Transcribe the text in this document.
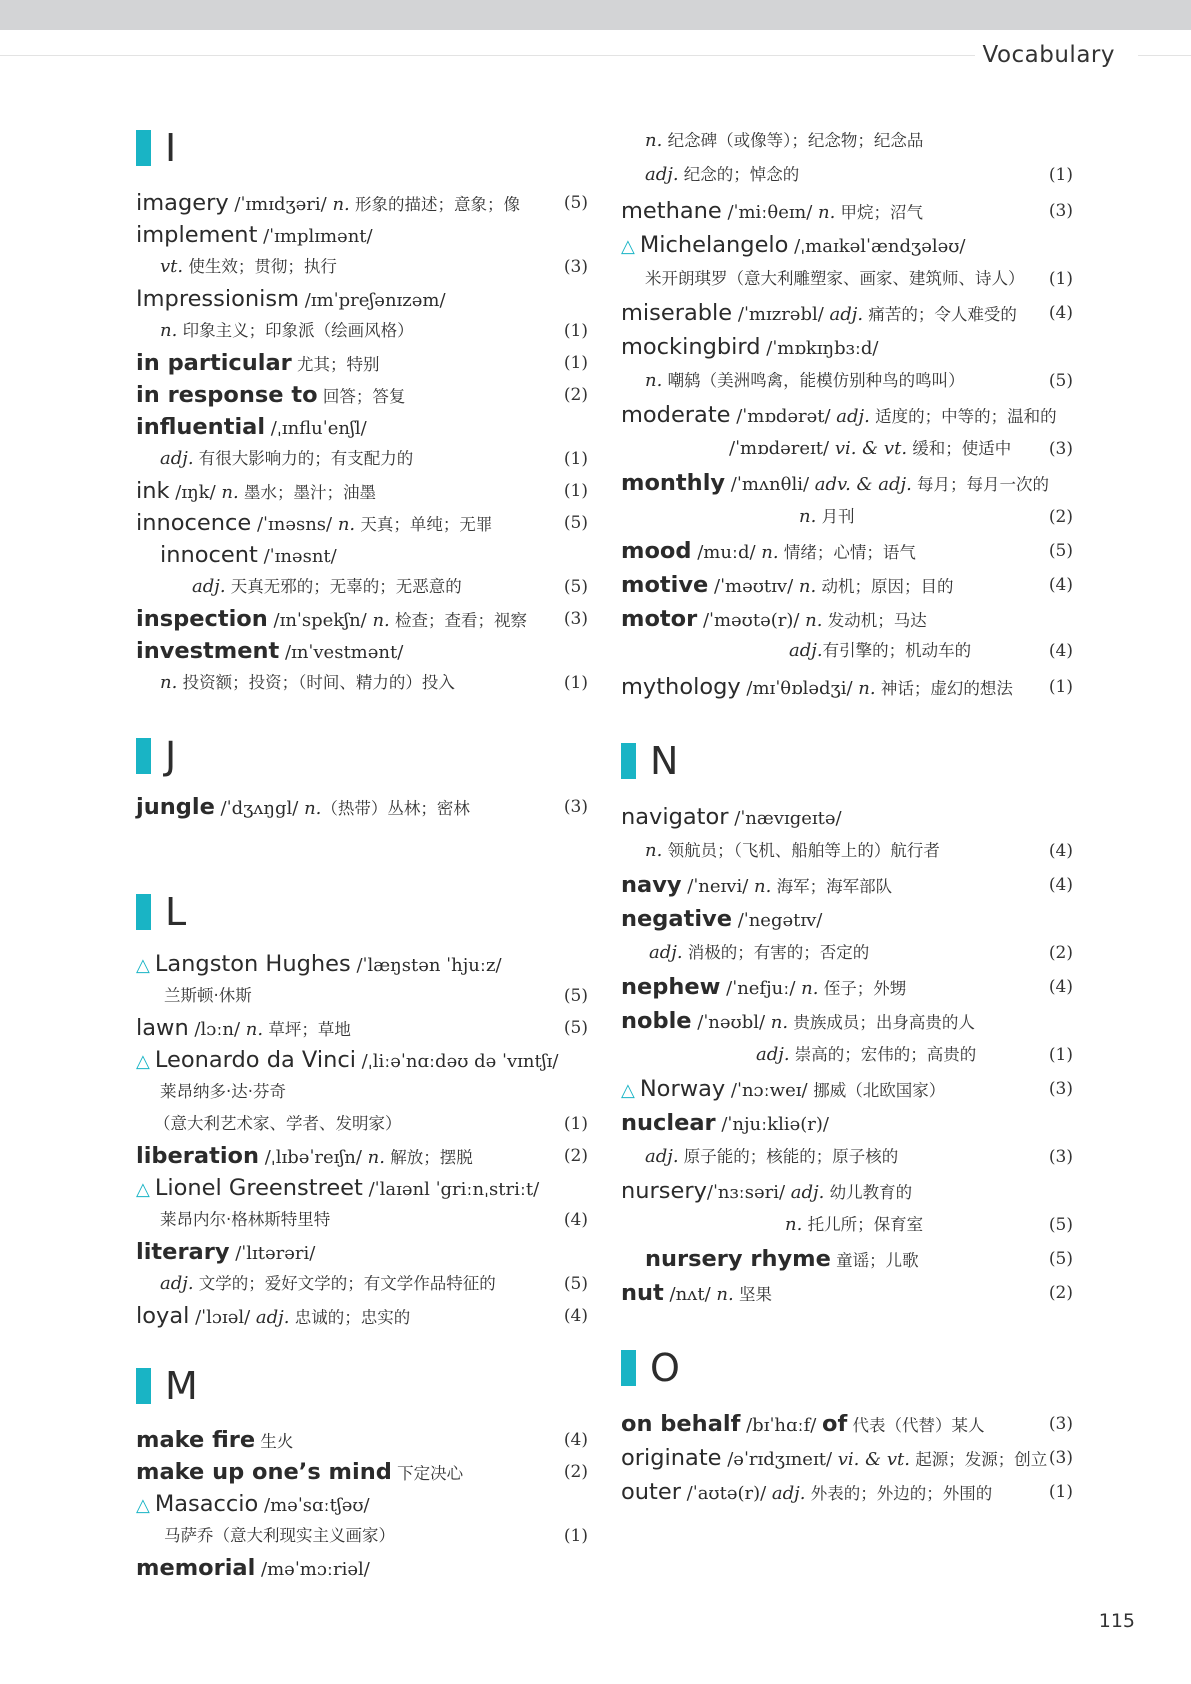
Vocabulary
I
imagery /ˈɪmɪdʒəri/ n. 形象的描述；意象；像	(5)
implement /ˈɪmplɪmənt/
vt. 使生效；贯彻；执行	(3)
Impressionism /ɪmˈpreʃənɪzəm/
n. 印象主义；印象派（绘画风格）	(1)
in particular 尤其；特别	(1)
in response to 回答；答复	(2)
influential /ˌɪnfluˈenʃl/
adj. 有很大影响力的；有支配力的	(1)
ink /ɪŋk/ n. 墨水；墨汁；油墨	(1)
innocence /ˈɪnəsns/ n. 天真；单纯；无罪	(5)
innocent /ˈɪnəsnt/
adj. 天真无邪的；无辜的；无恶意的	(5)
inspection /ɪnˈspekʃn/ n. 检查；查看；视察 (3)
investment /ɪnˈvestmənt/
n. 投资额；投资；（时间、精力的）投入	(1)
J
jungle /ˈdʒʌŋgl/ n.（热带）丛林；密林	(3)
L
△ Langston Hughes /ˈlæŋstən ˈhjuːz/
兰斯顿·休斯	(5)
lawn /lɔːn/ n. 草坪；草地	(5)
△ Leonardo da Vinci /ˌliːəˈnɑːdəʊ də ˈvɪntʃɪ/
莱昂纳多·达·芬奇
（意大利艺术家、学者、发明家）	(1)
liberation /ˌlɪbəˈreɪʃn/ n. 解放；摆脱	(2)
△ Lionel Greenstreet /ˈlaɪənl ˈgriːnˌstriːt/
莱昂内尔·格林斯特里特	(4)
literary /ˈlɪtərəri/
adj. 文学的；爱好文学的；有文学作品特征的	(5)
loyal /ˈlɔɪəl/ adj. 忠诚的；忠实的	(4)
M
make fire 生火	(4)
make up one’s mind 下定决心	(2)
△ Masaccio /məˈsɑːtʃəʊ/
马萨乔（意大利现实主义画家）	(1)
memorial /məˈmɔːriəl/
n. 纪念碑（或像等）；纪念物；纪念品
adj. 纪念的；悼念的	(1)
methane /ˈmiːθeɪn/ n. 甲烷；沼气	(3)
△ Michelangelo /ˌmaɪkəlˈændʒələʊ/
米开朗琪罗（意大利雕塑家、画家、建筑师、诗人） (1)
miserable /ˈmɪzrəbl/ adj. 痛苦的；令人难受的 (4)
mockingbird /ˈmɒkɪŋbɜːd/
n. 嘲鸫（美洲鸣禽，能模仿别种鸟的鸣叫）	(5)
moderate /ˈmɒdərət/ adj. 适度的；中等的；温和的
/ˈmɒdəreɪt/ vi. & vt. 缓和；使适中 (3)
monthly /ˈmʌnθli/ adv. & adj. 每月；每月一次的
n. 月刊	(2)
mood /muːd/ n. 情绪；心情；语气	(5)
motive /ˈməʊtɪv/ n. 动机；原因；目的	(4)
motor /ˈməʊtə(r)/ n. 发动机；马达
adj.有引擎的；机动车的	(4)
mythology /mɪˈθɒlədʒi/ n. 神话；虚幻的想法 (1)
N
navigator /ˈnævɪgeɪtə/
n. 领航员；（飞机、船舶等上的）航行者	(4)
navy /ˈneɪvi/ n. 海军；海军部队	(4)
negative /ˈnegətɪv/
adj. 消极的；有害的；否定的	(2)
nephew /ˈnefjuː/ n. 侄子；外甥	(4)
noble /ˈnəʊbl/ n. 贵族成员；出身高贵的人
adj. 崇高的；宏伟的；高贵的	(1)
△ Norway /ˈnɔːweɪ/ 挪威（北欧国家）	(3)
nuclear /ˈnjuːkliə(r)/
adj. 原子能的；核能的；原子核的	(3)
nursery/ˈnɜːsəri/ adj. 幼儿教育的
n. 托儿所；保育室	(5)
nursery rhyme 童谣；儿歌	(5)
nut /nʌt/ n. 坚果	(2)
O
on behalf /bɪˈhɑːf/ of 代表（代替）某人	(3)
originate /əˈrɪdʒɪneɪt/ vi. & vt. 起源；发源；创立 (3)
outer /ˈaʊtə(r)/ adj. 外表的；外边的；外围的	(1)
115
